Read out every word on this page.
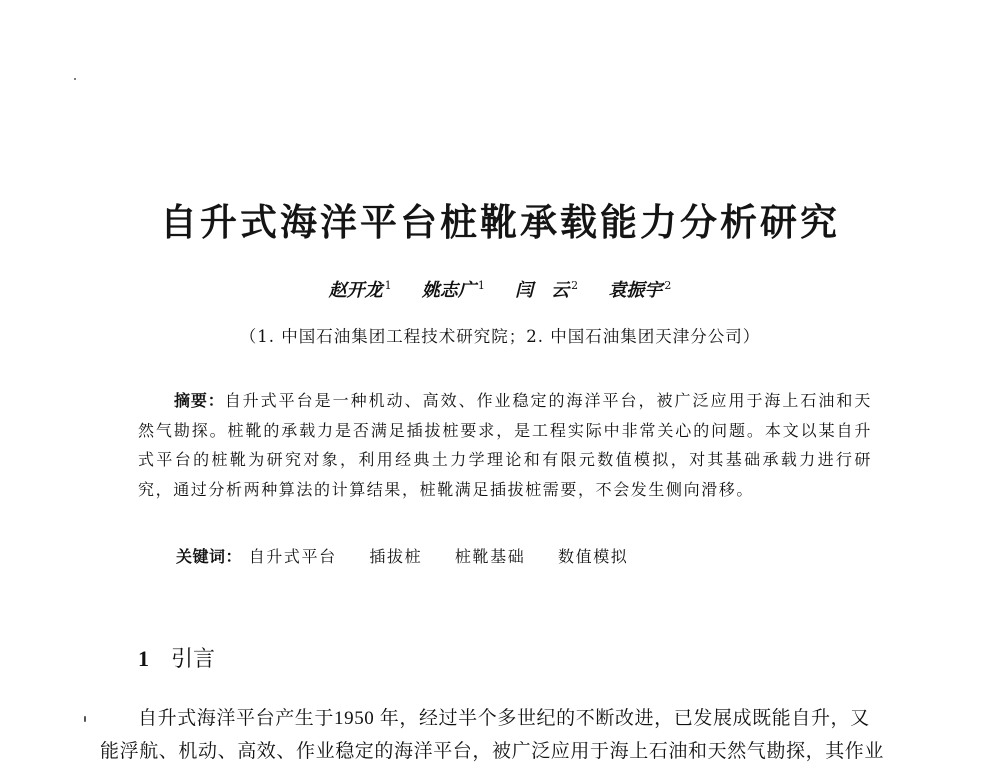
自升式海洋平台桩靴承载能力分析研究
赵开龙 $^1$ 姚志广 $^1$ 闫　云 $^2$ 袁振宇 $^2$
（1. 中国石油集团工程技术研究院；2. 中国石油集团天津分公司）

摘要：自升式平台是一种机动、高效、作业稳定的海洋平台，被广泛应用于海上石油和天然气勘探。桩靴的承载力是否满足插拔桩要求，是工程实际中非常关心的问题。本文以某自升式平台的桩靴为研究对象，利用经典土力学理论和有限元数值模拟，对其基础承载力进行研究，通过分析两种算法的计算结果，桩靴满足插拔桩需要，不会发生侧向滑移。

关键词： 自升式平台 插拔桩 桩靴基础 数值模拟
1 引言
自升式海洋平台产生于1950 年，经过半个多世纪的不断改进，已发展成既能自升，又
能浮航、机动、高效、作业稳定的海洋平台，被广泛应用于海上石油和天然气勘探，其作业
